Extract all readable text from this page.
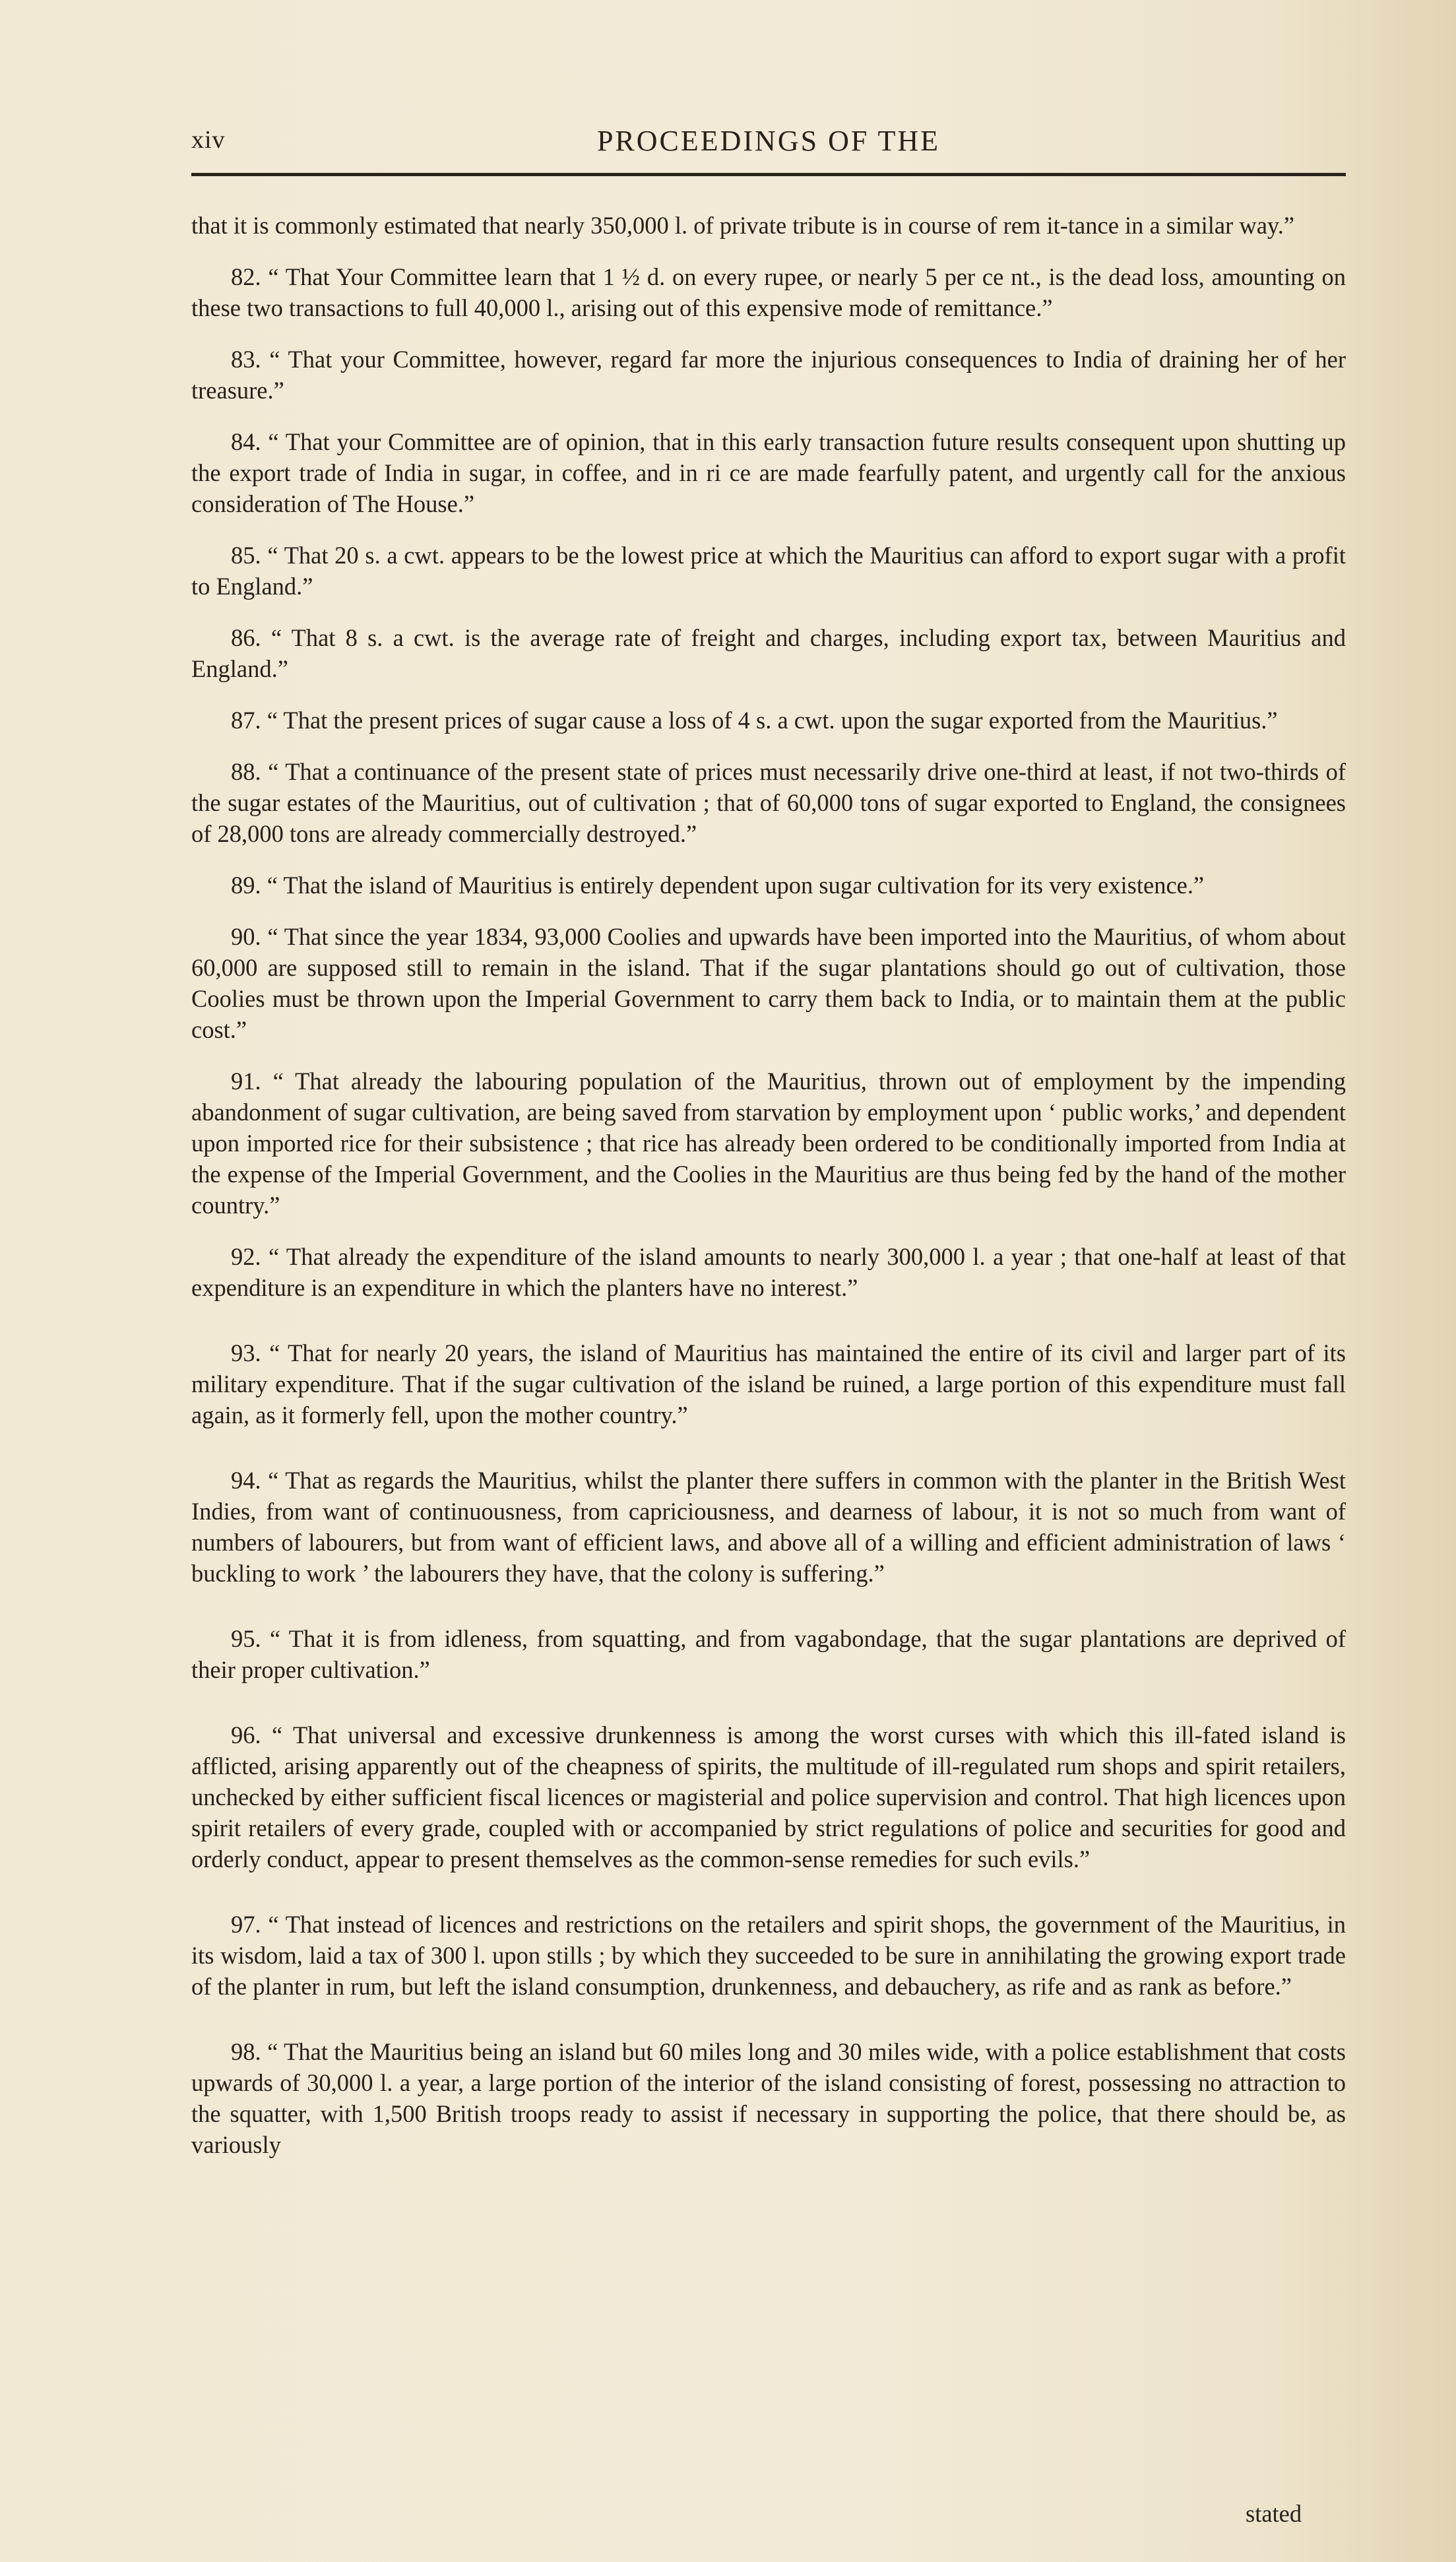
xiv	PROCEEDINGS OF THE

that it is commonly estimated that nearly 350,000 l. of private tribute is in course of rem it-tance in a similar way.”

82. “ That Your Committee learn that 1 ½ d. on every rupee, or nearly 5 per ce nt., is the dead loss, amounting on these two transactions to full 40,000 l., arising out of this expensive mode of remittance.”

83. “ That your Committee, however, regard far more the injurious consequences to India of draining her of her treasure.”

84. “ That your Committee are of opinion, that in this early transaction future results consequent upon shutting up the export trade of India in sugar, in coffee, and in ri ce are made fearfully patent, and urgently call for the anxious consideration of The House.”

85. “ That 20 s. a cwt. appears to be the lowest price at which the Mauritius can afford to export sugar with a profit to England.”

86. “ That 8 s. a cwt. is the average rate of freight and charges, including export tax, between Mauritius and England.”

87. “ That the present prices of sugar cause a loss of 4 s. a cwt. upon the sugar exported from the Mauritius.”

88. “ That a continuance of the present state of prices must necessarily drive one-third at least, if not two-thirds of the sugar estates of the Mauritius, out of cultivation ; that of 60,000 tons of sugar exported to England, the consignees of 28,000 tons are already commercially destroyed.”

89. “ That the island of Mauritius is entirely dependent upon sugar cultivation for its very existence.”

90. “ That since the year 1834, 93,000 Coolies and upwards have been imported into the Mauritius, of whom about 60,000 are supposed still to remain in the island. That if the sugar plantations should go out of cultivation, those Coolies must be thrown upon the Imperial Government to carry them back to India, or to maintain them at the public cost.”

91. “ That already the labouring population of the Mauritius, thrown out of employment by the impending abandonment of sugar cultivation, are being saved from starvation by employment upon ‘ public works,’ and dependent upon imported rice for their subsistence ; that rice has already been ordered to be conditionally imported from India at the expense of the Imperial Government, and the Coolies in the Mauritius are thus being fed by the hand of the mother country.”

92. “ That already the expenditure of the island amounts to nearly 300,000 l. a year ; that one-half at least of that expenditure is an expenditure in which the planters have no interest.”

93. “ That for nearly 20 years, the island of Mauritius has maintained the entire of its civil and larger part of its military expenditure. That if the sugar cultivation of the island be ruined, a large portion of this expenditure must fall again, as it formerly fell, upon the mother country.”

94. “ That as regards the Mauritius, whilst the planter there suffers in common with the planter in the British West Indies, from want of continuousness, from capriciousness, and dearness of labour, it is not so much from want of numbers of labourers, but from want of efficient laws, and above all of a willing and efficient administration of laws ‘ buckling to work ’ the labourers they have, that the colony is suffering.”

95. “ That it is from idleness, from squatting, and from vagabondage, that the sugar plantations are deprived of their proper cultivation.”

96. “ That universal and excessive drunkenness is among the worst curses with which this ill-fated island is afflicted, arising apparently out of the cheapness of spirits, the multitude of ill-regulated rum shops and spirit retailers, unchecked by either sufficient fiscal licences or magisterial and police supervision and control. That high licences upon spirit retailers of every grade, coupled with or accompanied by strict regulations of police and securities for good and orderly conduct, appear to present themselves as the common-sense remedies for such evils.”

97. “ That instead of licences and restrictions on the retailers and spirit shops, the government of the Mauritius, in its wisdom, laid a tax of 300 l. upon stills ; by which they succeeded to be sure in annihilating the growing export trade of the planter in rum, but left the island consumption, drunkenness, and debauchery, as rife and as rank as before.”

98. “ That the Mauritius being an island but 60 miles long and 30 miles wide, with a police establishment that costs upwards of 30,000 l. a year, a large portion of the interior of the island consisting of forest, possessing no attraction to the squatter, with 1,500 British troops ready to assist if necessary in supporting the police, that there should be, as variously

stated
